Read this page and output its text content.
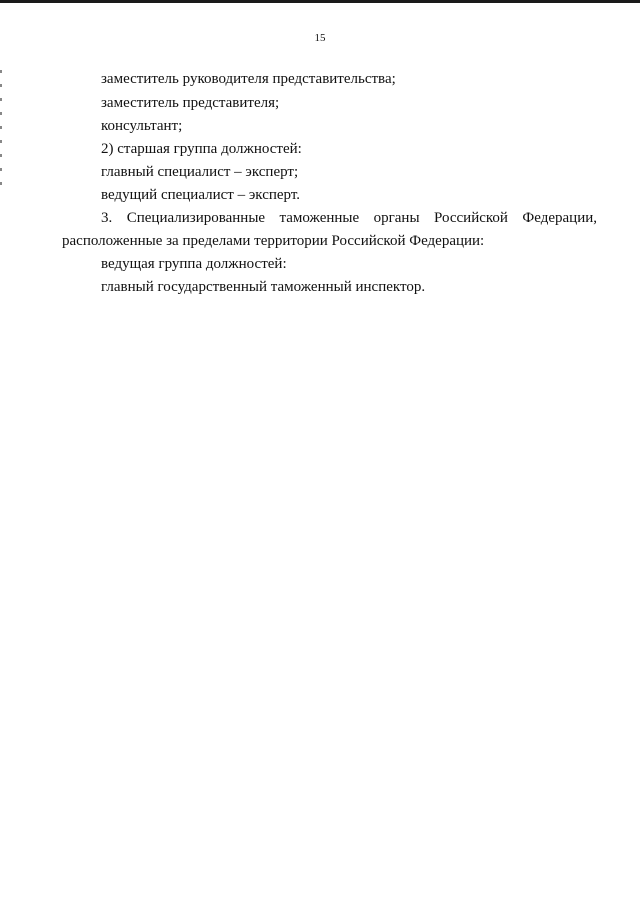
15
заместитель руководителя представительства;
заместитель представителя;
консультант;
2) старшая группа должностей:
главный специалист – эксперт;
ведущий специалист – эксперт.
3. Специализированные таможенные органы Российской Федерации,
расположенные за пределами территории Российской Федерации:
ведущая группа должностей:
главный государственный таможенный инспектор.
